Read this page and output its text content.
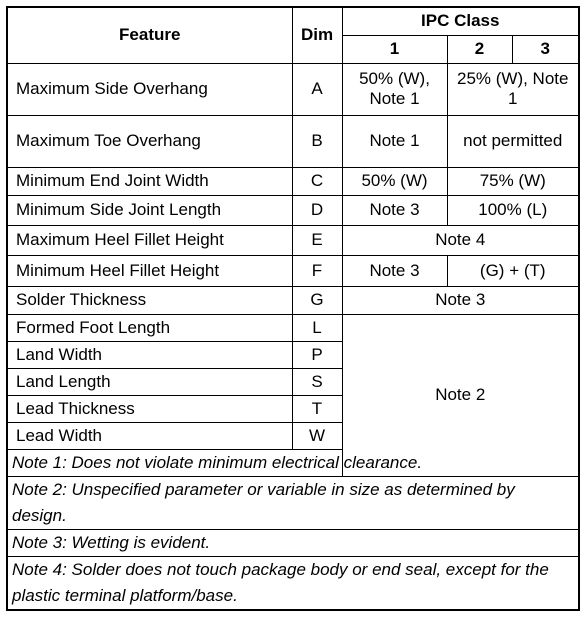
Feature	Dim	IPC Class		
		1	2	3
Maximum Side Overhang	A	50% (W), Note 1	25% (W), Note 1	
Maximum Toe Overhang	B	Note 1	not permitted	
Minimum End Joint Width	C	50% (W)	75% (W)	
Minimum Side Joint Length	D	Note 3	100% (L)	
Maximum Heel Fillet Height	E	Note 4		
Minimum Heel Fillet Height	F	Note 3	(G) + (T)	
Solder Thickness	G	Note 3		
Formed Foot Length	L	Note 2		
Land Width	P			
Land Length	S			
Lead Thickness	T			
Lead Width	W			
Note 1: Does not violate minimum electrical clearance.				
Note 2: Unspecified parameter or variable in size as determined by design.				
Note 3: Wetting is evident.				
Note 4: Solder does not touch package body or end seal, except for the plastic terminal platform/base.				
